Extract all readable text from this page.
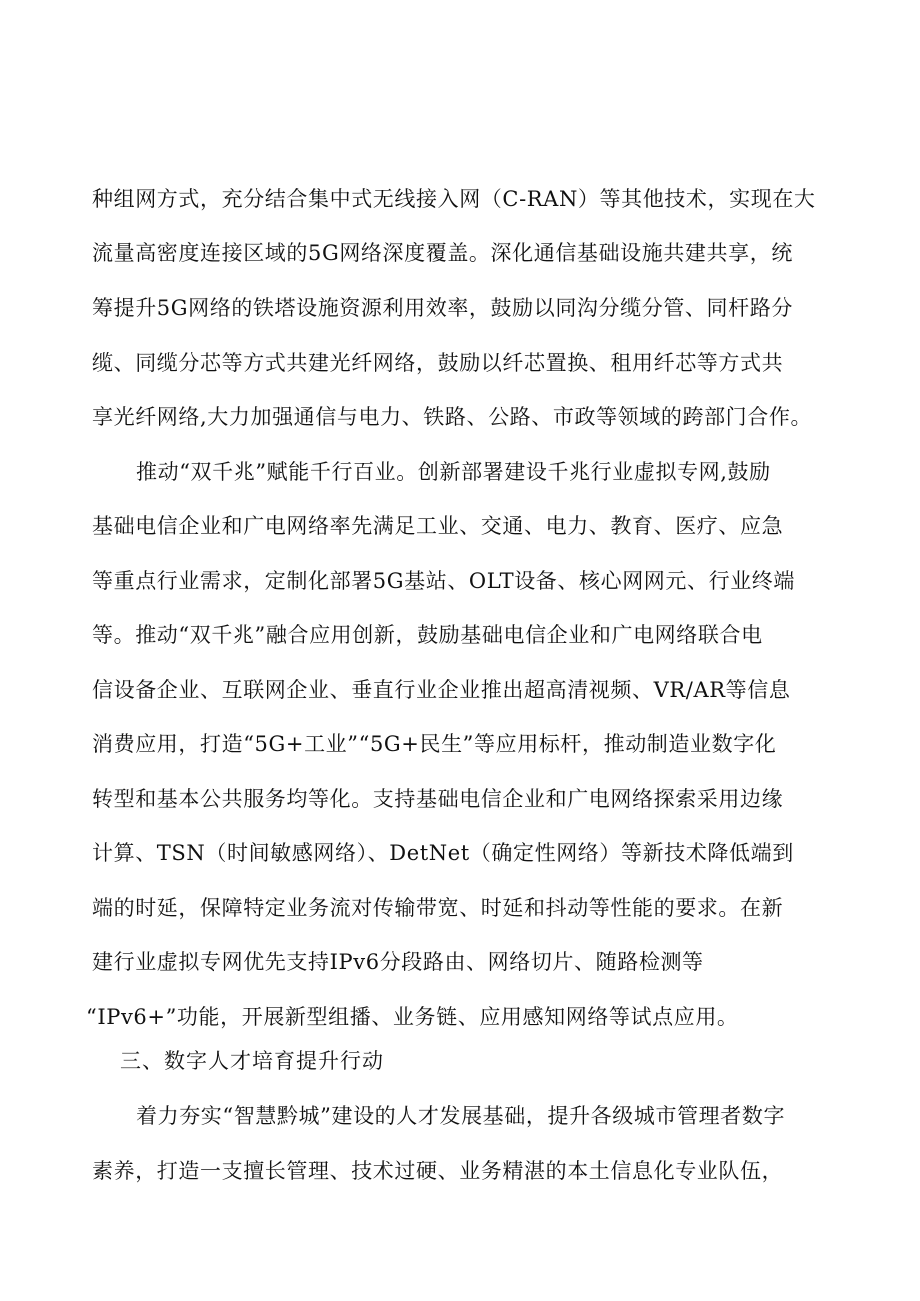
种组网方式，充分结合集中式无线接入网（C-RAN）等其他技术，实现在大
流量高密度连接区域的5G网络深度覆盖。深化通信基础设施共建共享，统
筹提升5G网络的铁塔设施资源利用效率，鼓励以同沟分缆分管、同杆路分
缆、同缆分芯等方式共建光纤网络，鼓励以纤芯置换、租用纤芯等方式共
享光纤网络,大力加强通信与电力、铁路、公路、市政等领域的跨部门合作。
推动“双千兆”赋能千行百业。创新部署建设千兆行业虚拟专网,鼓励
基础电信企业和广电网络率先满足工业、交通、电力、教育、医疗、应急
等重点行业需求，定制化部署5G基站、OLT设备、核心网网元、行业终端
等。推动“双千兆”融合应用创新，鼓励基础电信企业和广电网络联合电
信设备企业、互联网企业、垂直行业企业推出超高清视频、VR/AR等信息
消费应用，打造“5G+工业”“5G+民生”等应用标杆，推动制造业数字化
转型和基本公共服务均等化。支持基础电信企业和广电网络探索采用边缘
计算、TSN（时间敏感网络）、DetNet（确定性网络）等新技术降低端到
端的时延，保障特定业务流对传输带宽、时延和抖动等性能的要求。在新
建行业虚拟专网优先支持IPv6分段路由、网络切片、随路检测等
“IPv6+”功能，开展新型组播、业务链、应用感知网络等试点应用。
三、数字人才培育提升行动
着力夯实“智慧黔城”建设的人才发展基础，提升各级城市管理者数字
素养，打造一支擅长管理、技术过硬、业务精湛的本土信息化专业队伍，
